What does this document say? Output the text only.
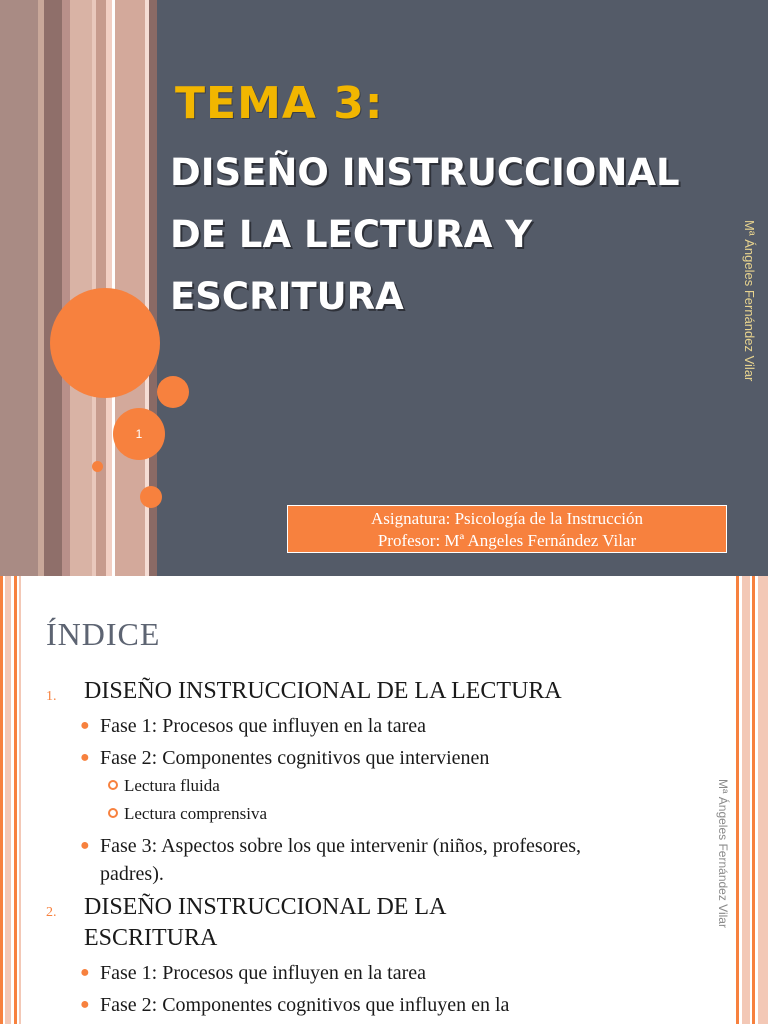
1
TEMA 3:
DISEÑO INSTRUCCIONAL DE LA LECTURA Y ESCRITURA	Mª Ángeles Fernández Vilar
Asignatura: Psicología de la Instrucción
Profesor: Mª Angeles Fernández Vilar
ÍNDICE
Mª Ángeles Fernández Vilar
1. DISEÑO INSTRUCCIONAL DE LA LECTURA
● Fase 1: Procesos que influyen en la tarea
● Fase 2: Componentes cognitivos que intervienen
Lectura fluida
Lectura comprensiva
● Fase 3: Aspectos sobre los que intervenir (niños, profesores, padres).
2. DISEÑO INSTRUCCIONAL DE LA ESCRITURA
● Fase 1: Procesos que influyen en la tarea
● Fase 2: Componentes cognitivos que influyen en la
